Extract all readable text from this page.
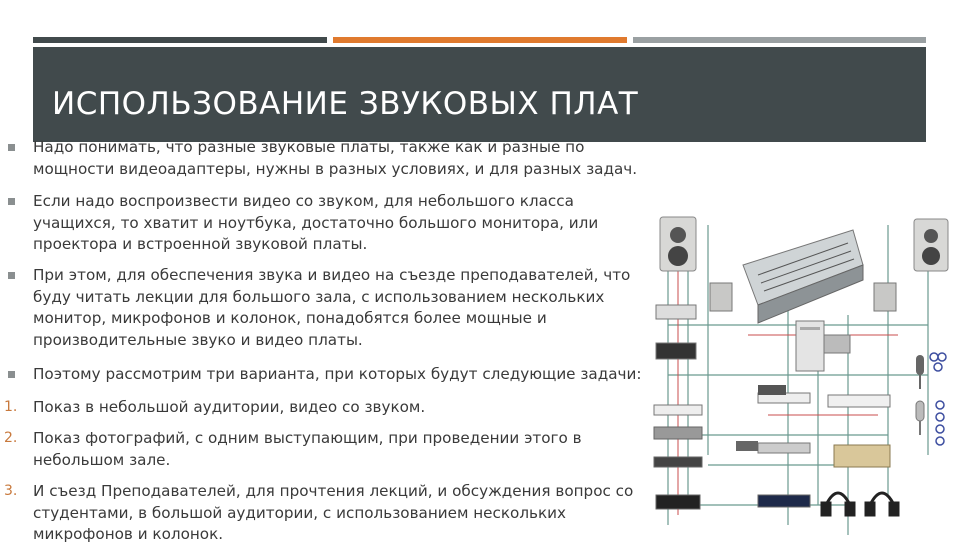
ИСПОЛЬЗОВАНИЕ ЗВУКОВЫХ ПЛАТ
Надо понимать, что разные звуковые платы, также как и разные по мощности видеоадаптеры, нужны в разных условиях, и для разных задач.
Если надо воспроизвести видео со звуком, для небольшого класса учащихся, то хватит и ноутбука, достаточно большого монитора, или проектора и встроенной звуковой платы.
При этом, для обеспечения звука и видео на съезде преподавателей, что буду читать лекции для большого зала, с использованием нескольких монитор, микрофонов и колонок, понадобятся более мощные и производительные звуко и видео платы.
Поэтому рассмотрим три варианта, при которых будут следующие задачи:
1. Показ в небольшой аудитории, видео со звуком.
2. Показ фотографий, с одним выступающим, при проведении этого в небольшом зале.
3. И съезд Преподавателей, для прочтения лекций, и обсуждения вопрос со студентами, в большой аудитории, с использованием нескольких микрофонов и колонок.
